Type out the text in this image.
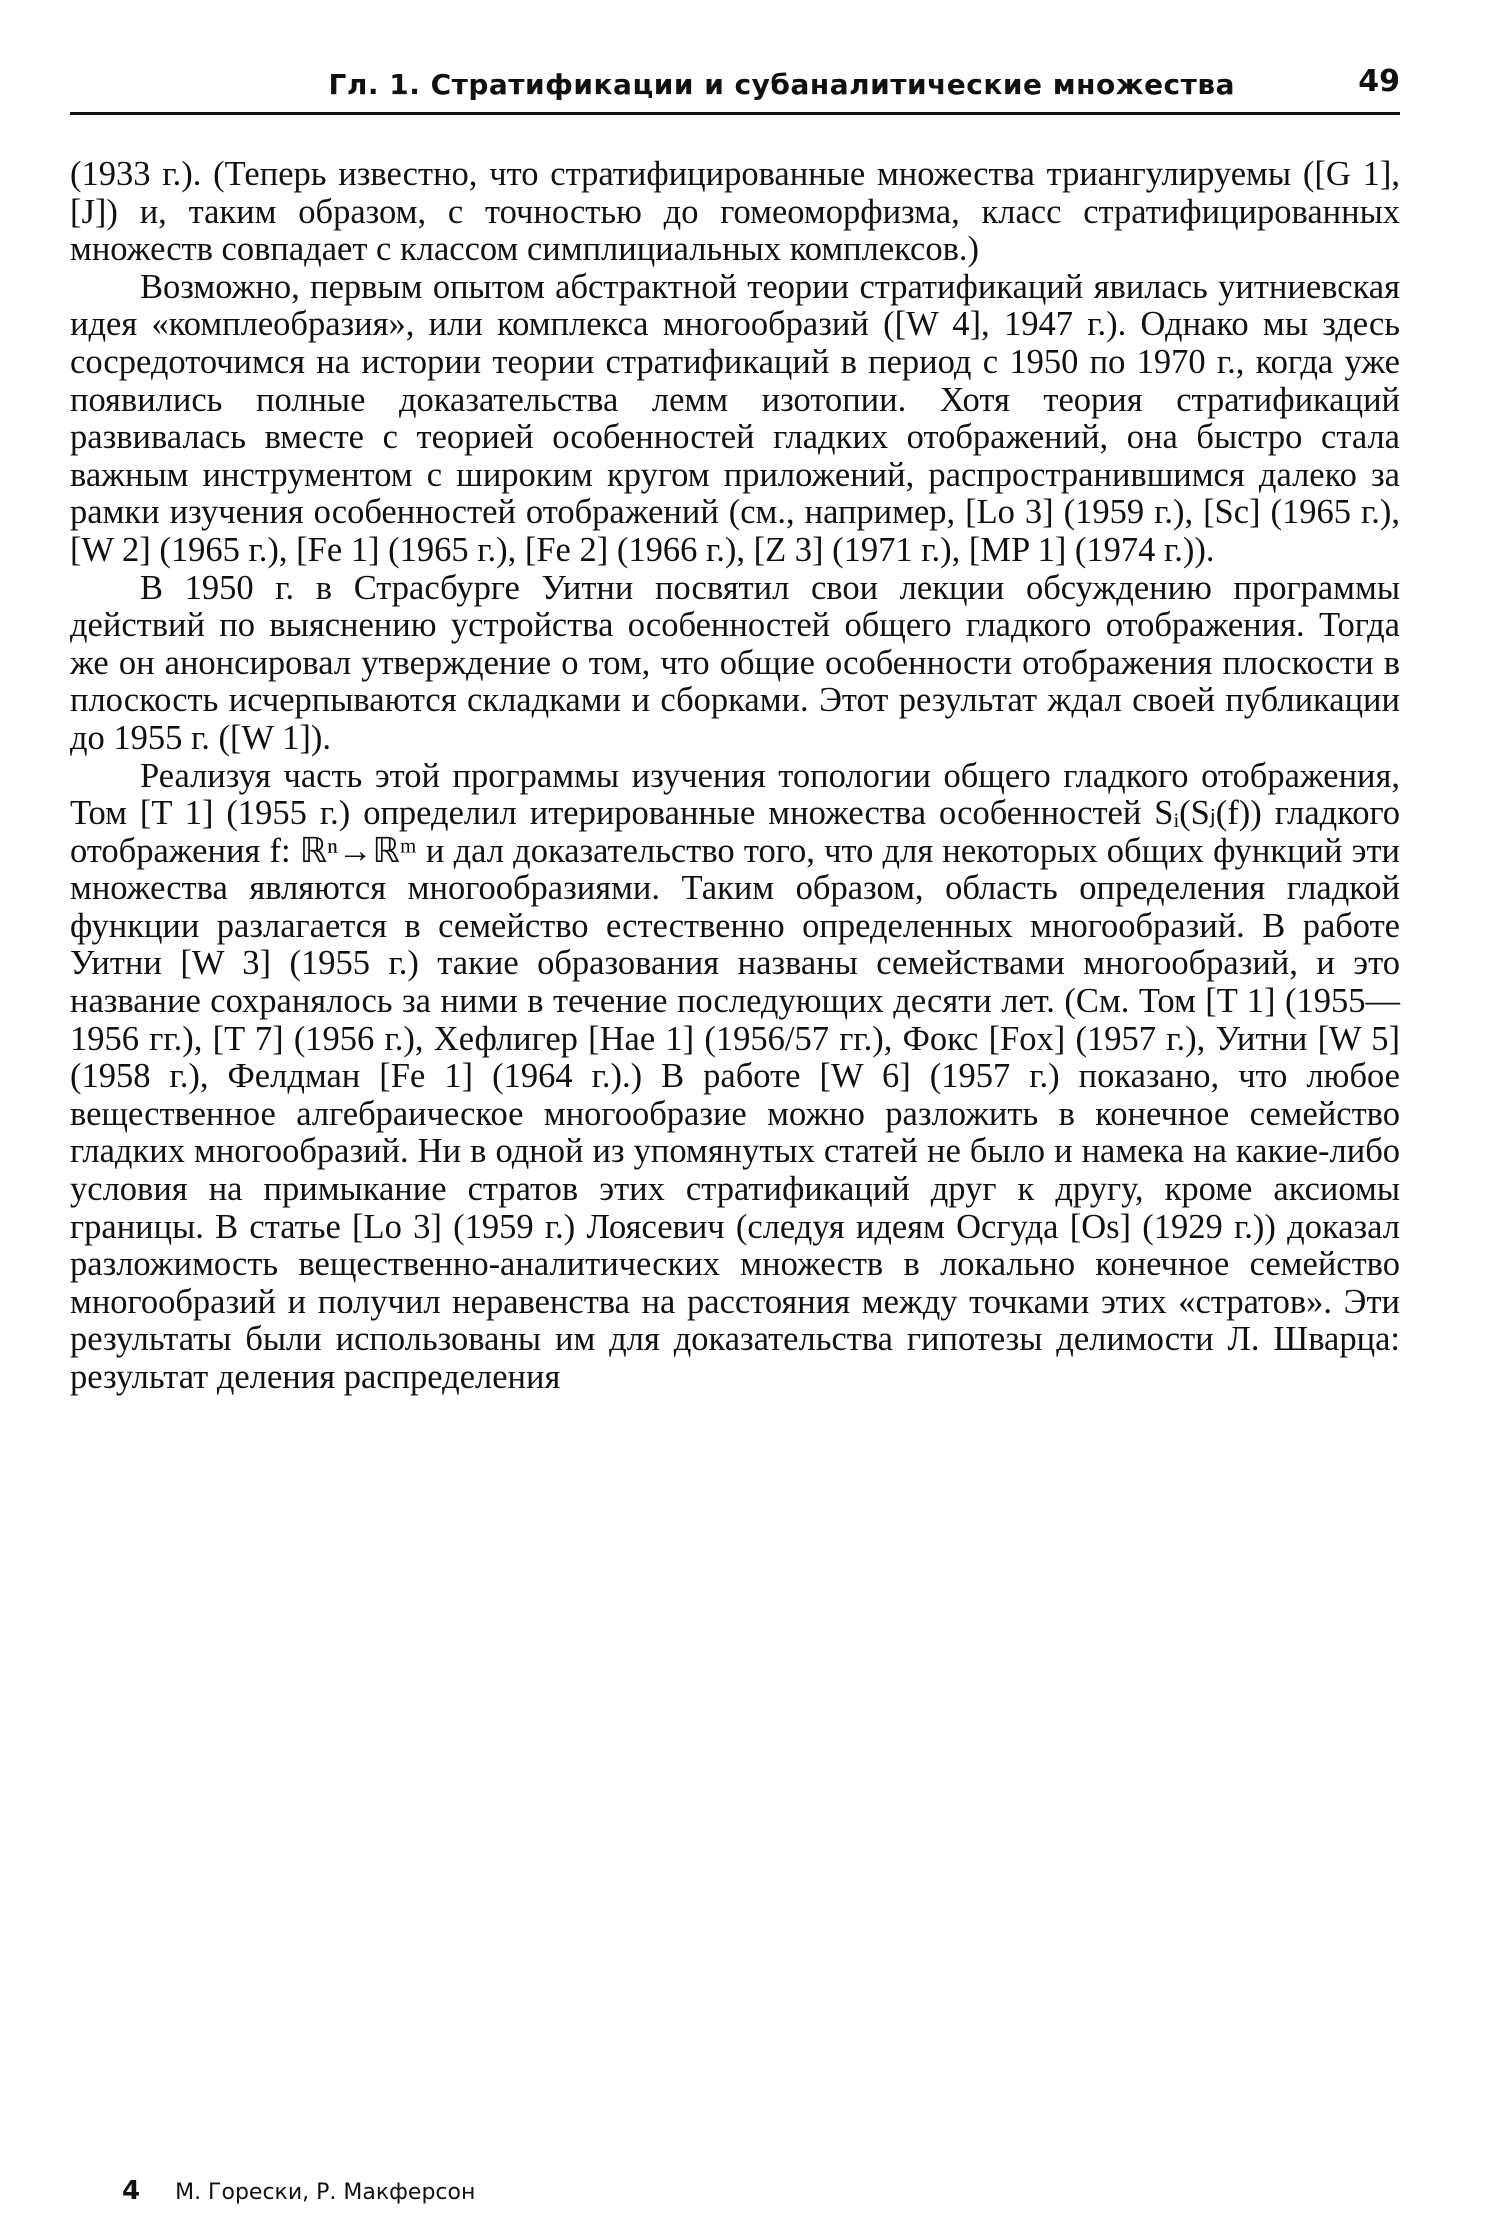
Гл. 1. Стратификации и субаналитические множества	49

(1933 г.). (Теперь известно, что стратифицированные множества триангулируемы ([G 1], [J]) и, таким образом, с точностью до гомеоморфизма, класс стратифицированных множеств совпадает с классом симплициальных комплексов.)

Возможно, первым опытом абстрактной теории стратификаций явилась уитниевская идея «комплеобразия», или комплекса многообразий ([W 4], 1947 г.). Однако мы здесь сосредоточимся на истории теории стратификаций в период с 1950 по 1970 г., когда уже появились полные доказательства лемм изотопии. Хотя теория стратификаций развивалась вместе с теорией особенностей гладких отображений, она быстро стала важным инструментом с широким кругом приложений, распространившимся далеко за рамки изучения особенностей отображений (см., например, [Lo 3] (1959 г.), [Sc] (1965 г.), [W 2] (1965 г.), [Fe 1] (1965 г.), [Fe 2] (1966 г.), [Z 3] (1971 г.), [MP 1] (1974 г.)).

В 1950 г. в Страсбурге Уитни посвятил свои лекции обсуждению программы действий по выяснению устройства особенностей общего гладкого отображения. Тогда же он анонсировал утверждение о том, что общие особенности отображения плоскости в плоскость исчерпываются складками и сборками. Этот результат ждал своей публикации до 1955 г. ([W 1]).

Реализуя часть этой программы изучения топологии общего гладкого отображения, Том [T 1] (1955 г.) определил итерированные множества особенностей Sᵢ(Sⱼ(f)) гладкого отображения f: ℝⁿ→ℝᵐ и дал доказательство того, что для некоторых общих функций эти множества являются многообразиями. Таким образом, область определения гладкой функции разлагается в семейство естественно определенных многообразий. В работе Уитни [W 3] (1955 г.) такие образования названы семействами многообразий, и это название сохранялось за ними в течение последующих десяти лет. (См. Том [T 1] (1955—1956 гг.), [T 7] (1956 г.), Хефлигер [Hae 1] (1956/57 гг.), Фокс [Fox] (1957 г.), Уитни [W 5] (1958 г.), Фелдман [Fe 1] (1964 г.).) В работе [W 6] (1957 г.) показано, что любое вещественное алгебраическое многообразие можно разложить в конечное семейство гладких многообразий. Ни в одной из упомянутых статей не было и намека на какие-либо условия на примыкание стратов этих стратификаций друг к другу, кроме аксиомы границы. В статье [Lo 3] (1959 г.) Лоясевич (следуя идеям Осгуда [Os] (1929 г.)) доказал разложимость вещественно-аналитических множеств в локально конечное семейство многообразий и получил неравенства на расстояния между точками этих «стратов». Эти результаты были использованы им для доказательства гипотезы делимости Л. Шварца: результат деления распределения

4 М. Горески, Р. Макферсон
